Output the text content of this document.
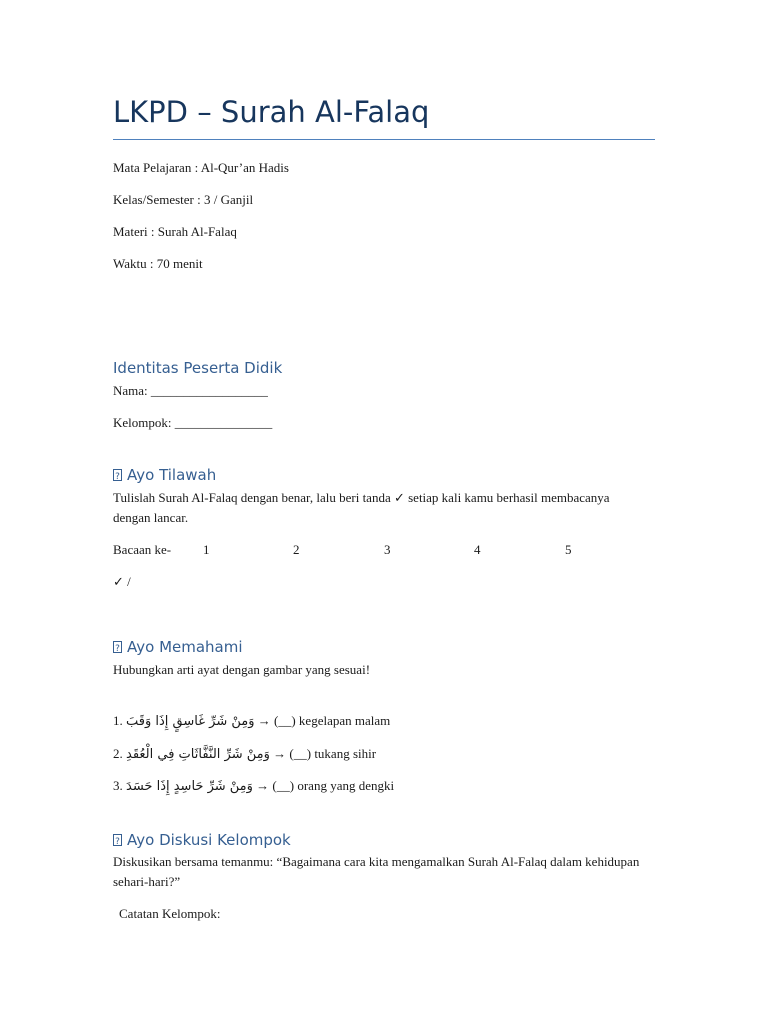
LKPD – Surah Al-Falaq
Mata Pelajaran : Al-Qur’an Hadis
Kelas/Semester : 3 / Ganjil
Materi : Surah Al-Falaq
Waktu : 70 menit
Identitas Peserta Didik
Nama: __________________
Kelompok: _______________
?Ayo Tilawah
Tulislah Surah Al-Falaq dengan benar, lalu beri tanda ✓ setiap kali kamu berhasil membacanya dengan lancar.
Bacaan ke- 1	2	3	4	5
✓ /
?Ayo Memahami
Hubungkan arti ayat dengan gambar yang sesuai!
1. وَمِنْ شَرِّ غَاسِقٍ إِذَا وَقَبَ → (__) kegelapan malam
2. وَمِنْ شَرِّ النَّفَّاثَاتِ فِي الْعُقَدِ → (__) tukang sihir
3. وَمِنْ شَرِّ حَاسِدٍ إِذَا حَسَدَ → (__) orang yang dengki
?Ayo Diskusi Kelompok
Diskusikan bersama temanmu: “Bagaimana cara kita mengamalkan Surah Al-Falaq dalam kehidupan sehari-hari?”
Catatan Kelompok:
